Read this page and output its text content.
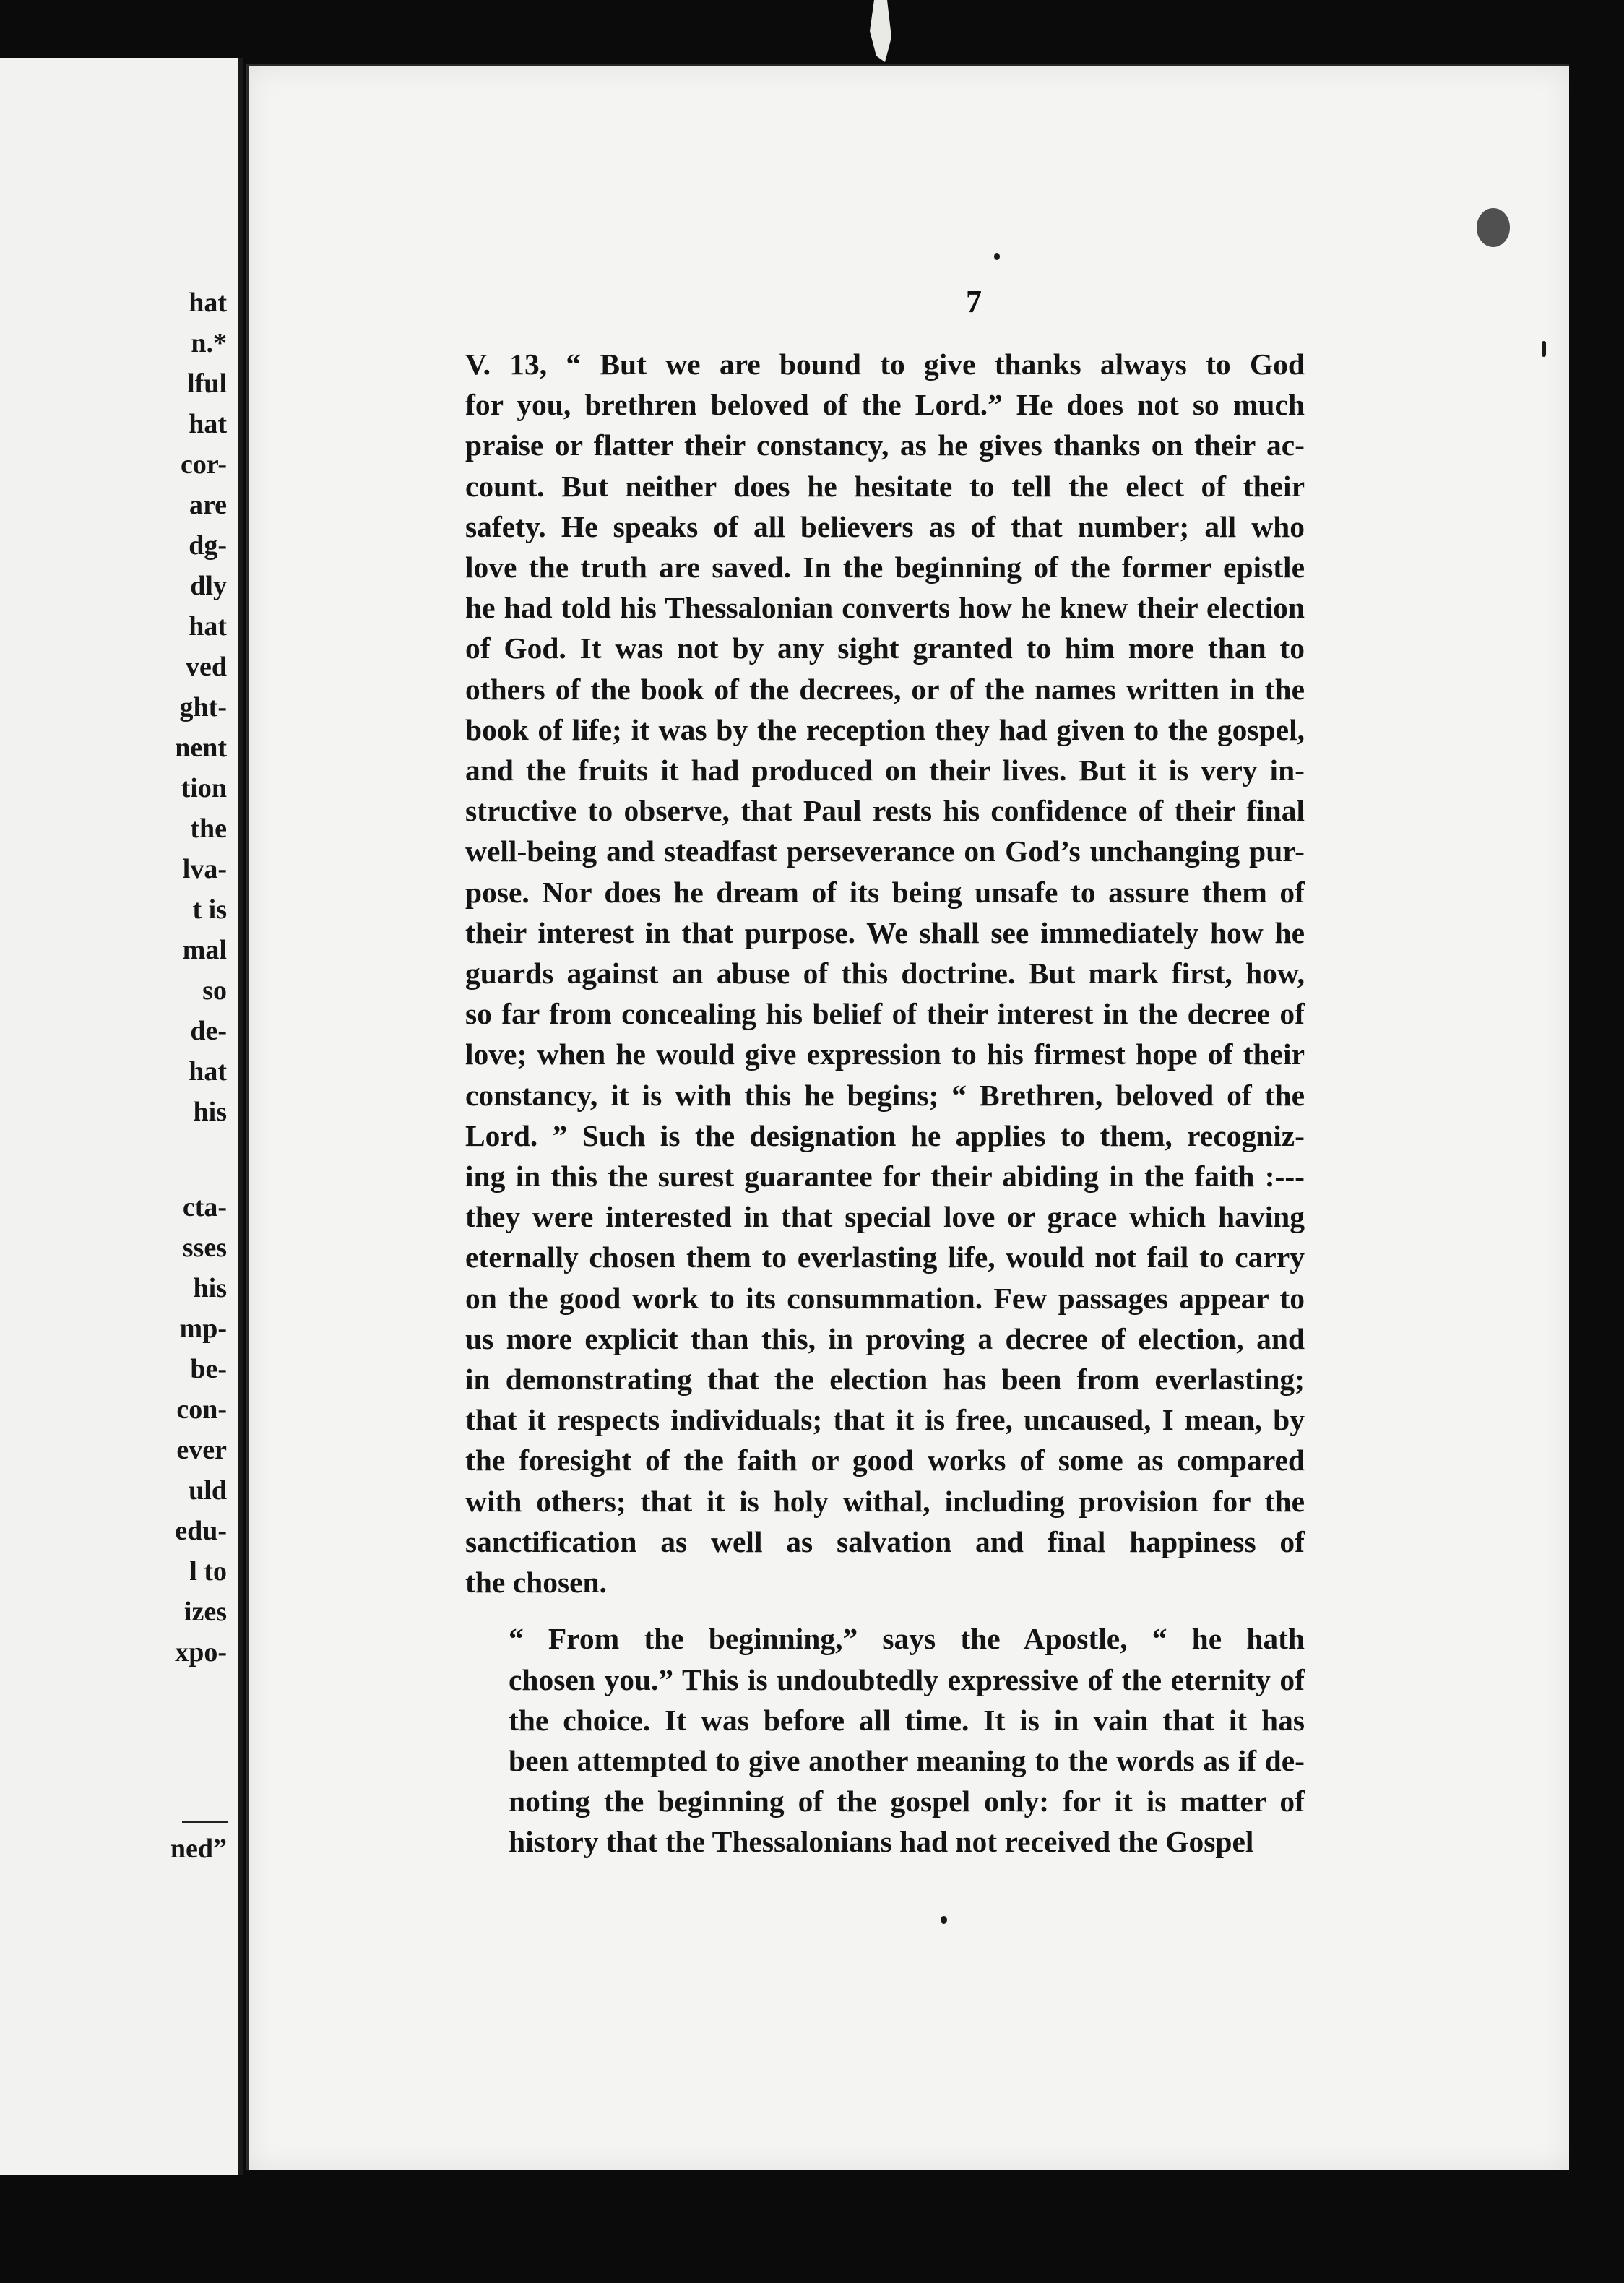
hat
n.*
lful
hat
cor-
are
dg-
dly
hat
ved
ght-
nent
tion
the
lva-
t is
mal
so
de-
hat
his
cta-
sses
his
mp-
be-
con-
ever
uld
edu-
l to
izes
xpo-
ned”
7

V. 13, “ But we are bound to give thanks always to God
for you, brethren beloved of the Lord.” He does not so much
praise or flatter their constancy, as he gives thanks on their ac-
count. But neither does he hesitate to tell the elect of their
safety. He speaks of all believers as of that number; all who
love the truth are saved. In the beginning of the former epistle
he had told his Thessalonian converts how he knew their election
of God. It was not by any sight granted to him more than to
others of the book of the decrees, or of the names written in the
book of life; it was by the reception they had given to the gospel,
and the fruits it had produced on their lives. But it is very in-
structive to observe, that Paul rests his confidence of their final
well-being and steadfast perseverance on God’s unchanging pur-
pose. Nor does he dream of its being unsafe to assure them of
their interest in that purpose. We shall see immediately how he
guards against an abuse of this doctrine. But mark first, how,
so far from concealing his belief of their interest in the decree of
love; when he would give expression to his firmest hope of their
constancy, it is with this he begins; “ Brethren, beloved of the
Lord. ” Such is the designation he applies to them, recogniz-
ing in this the surest guarantee for their abiding in the faith :---
they were interested in that special love or grace which having
eternally chosen them to everlasting life, would not fail to carry
on the good work to its consummation. Few passages appear to
us more explicit than this, in proving a decree of election, and
in demonstrating that the election has been from everlasting;
that it respects individuals; that it is free, uncaused, I mean, by
the foresight of the faith or good works of some as compared
with others; that it is holy withal, including provision for the
sanctification as well as salvation and final happiness of
the chosen.

“ From the beginning,” says the Apostle, “ he hath
chosen you.” This is undoubtedly expressive of the eternity of
the choice. It was before all time. It is in vain that it has
been attempted to give another meaning to the words as if de-
noting the beginning of the gospel only: for it is matter of
history that the Thessalonians had not received the Gospel
